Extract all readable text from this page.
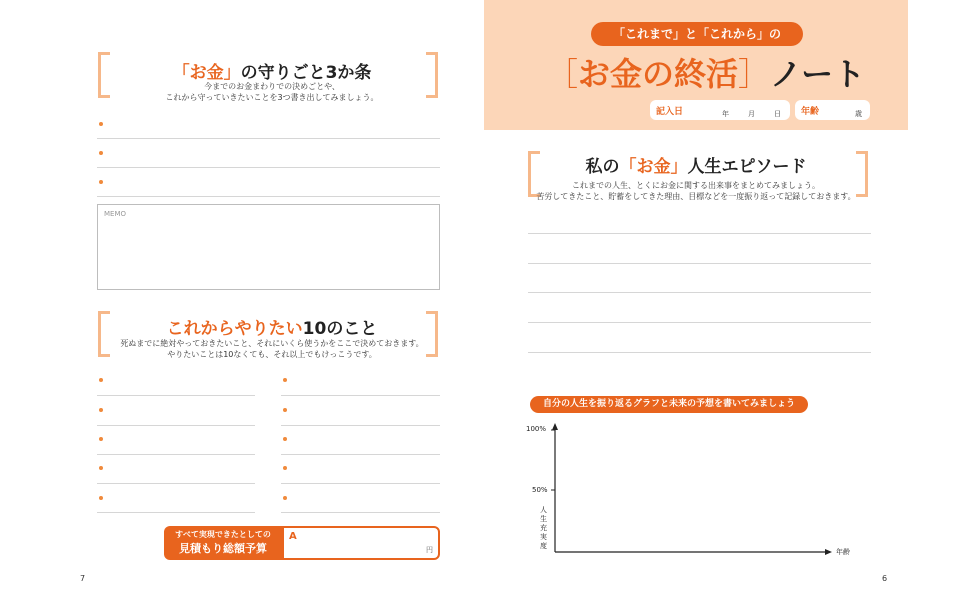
「お金」の守りごと3か条
今までのお金まわりでの決めごとや、
これから守っていきたいことを3つ書き出してみましょう。
MEMO
これからやりたい10のこと
死ぬまでに絶対やっておきたいこと、それにいくら使うかをここで決めておきます。
やりたいことは10なくても、それ以上でもけっこうです。
すべて実現できたとしての
見積もり総額予算
A
円
7
「これまで」と「これから」の
［お金の終活］ノート
記入日	年	月	日 年齢	歳
私の「お金」人生エピソード
これまでの人生、とくにお金に関する出来事をまとめてみましょう。
苦労してきたこと、貯蓄をしてきた理由、目標などを一度振り返って記録しておきます。
自分の人生を振り返るグラフと未来の予想を書いてみましょう
100%
50%
人生充実度
年齢
6
